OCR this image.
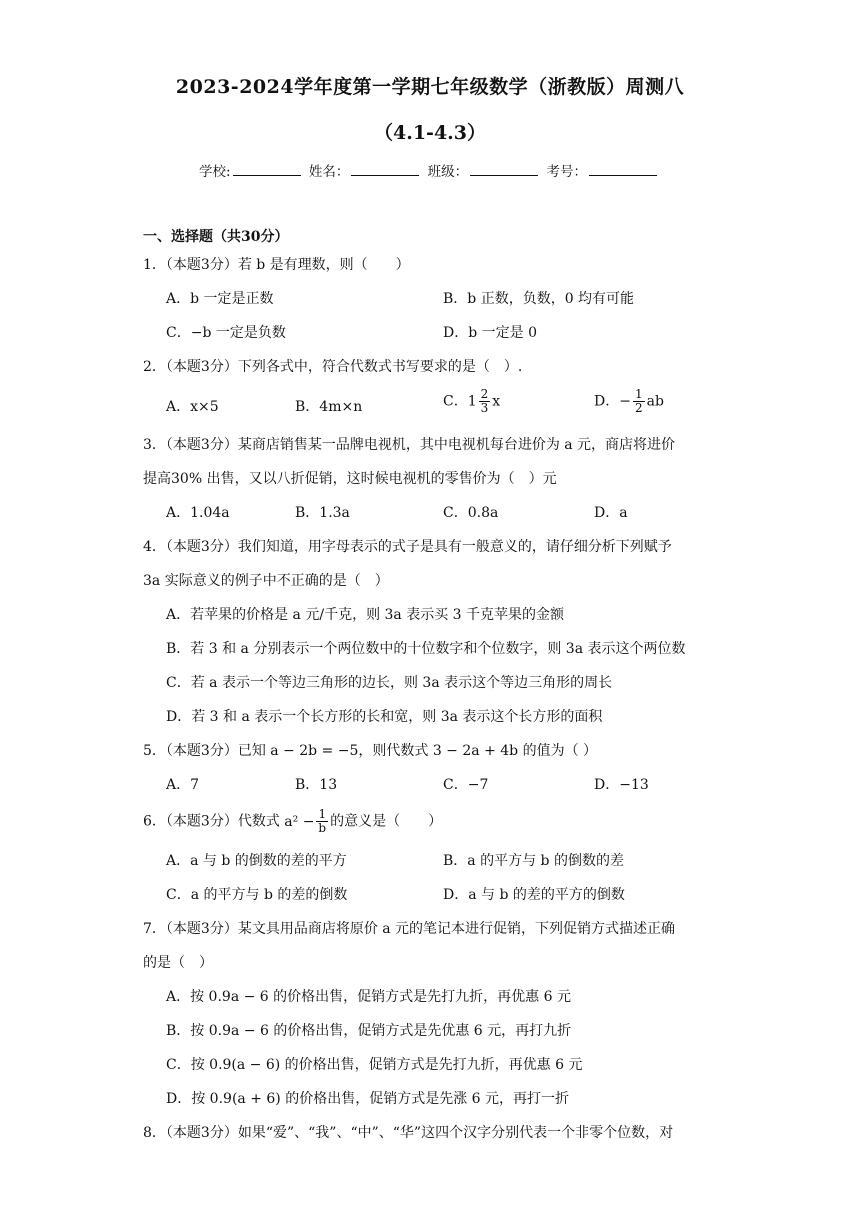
2023-2024学年度第一学期七年级数学（浙教版）周测八
（4.1-4.3）
学校:	姓名：	班级：	考号：
一、选择题（共30分）
1．（本题3分）若 b 是有理数，则（　　）
A．b 一定是正数	B．b 正数，负数，0 均有可能
C．−b 一定是负数	D．b 一定是 0
2．（本题3分）下列各式中，符合代数式书写要求的是（　）.
A．x×5	B．4m×n	C．$1 \frac{2}{3}$ x	D．− $\frac{1}{2}$ ab
3．（本题3分）某商店销售某一品牌电视机，其中电视机每台进价为 a 元，商店将进价
提高30% 出售，又以八折促销，这时候电视机的零售价为（　）元
A．1.04a	B．1.3a	C．0.8a	D．a
4．（本题3分）我们知道，用字母表示的式子是具有一般意义的，请仔细分析下列赋予
3a 实际意义的例子中不正确的是（　）
A．若苹果的价格是 a 元/千克，则 3a 表示买 3 千克苹果的金额
B．若 3 和 a 分别表示一个两位数中的十位数字和个位数字，则 3a 表示这个两位数
C．若 a 表示一个等边三角形的边长，则 3a 表示这个等边三角形的周长
D．若 3 和 a 表示一个长方形的长和宽，则 3a 表示这个长方形的面积
5．（本题3分）已知 a − 2b = −5，则代数式 3 − 2a + 4b 的值为（ ）
A．7	B．13	C．−7	D．−13
6．（本题3分）代数式 $a^2 - \frac{1}{b}$ 的意义是（　　）
A．a 与 b 的倒数的差的平方	B．a 的平方与 b 的倒数的差
C．a 的平方与 b 的差的倒数	D．a 与 b 的差的平方的倒数
7．（本题3分）某文具用品商店将原价 a 元的笔记本进行促销，下列促销方式描述正确
的是（　）
A．按 0.9a − 6 的价格出售，促销方式是先打九折，再优惠 6 元
B．按 0.9a − 6 的价格出售，促销方式是先优惠 6 元，再打九折
C．按 0.9(a − 6) 的价格出售，促销方式是先打九折，再优惠 6 元
D．按 0.9(a + 6) 的价格出售，促销方式是先涨 6 元，再打一折
8．（本题3分）如果“爱”、“我”、“中”、“华”这四个汉字分别代表一个非零个位数，对
